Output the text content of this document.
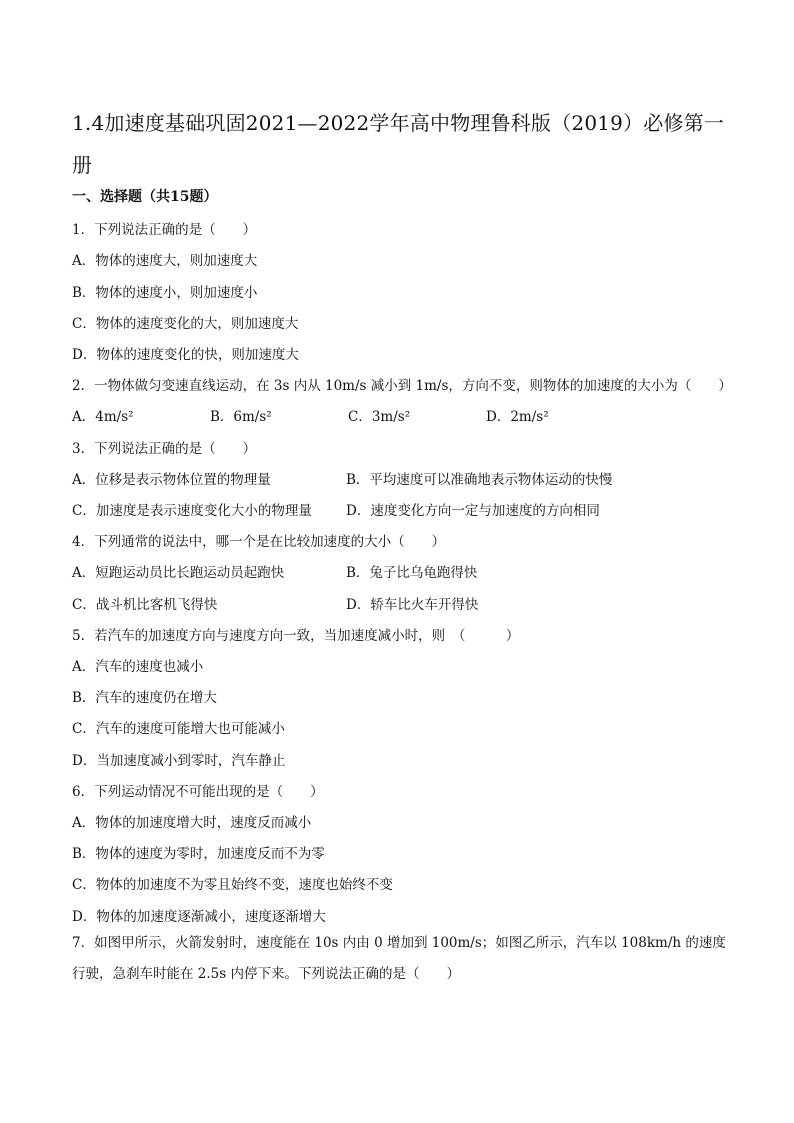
1.4加速度基础巩固2021—2022学年高中物理鲁科版（2019）必修第一册
一、选择题（共15题）
1．下列说法正确的是（　　）
A．物体的速度大，则加速度大
B．物体的速度小，则加速度小
C．物体的速度变化的大，则加速度大
D．物体的速度变化的快，则加速度大
2．一物体做匀变速直线运动，在 3s 内从 10m/s 减小到 1m/s，方向不变，则物体的加速度的大小为（　　）
A．4m/s²	B．6m/s²	C．3m/s²	D．2m/s²
3．下列说法正确的是（　　）
A．位移是表示物体位置的物理量	B．平均速度可以准确地表示物体运动的快慢
C．加速度是表示速度变化大小的物理量	D．速度变化方向一定与加速度的方向相同
4．下列通常的说法中，哪一个是在比较加速度的大小（　　）
A．短跑运动员比长跑运动员起跑快	B．兔子比乌龟跑得快
C．战斗机比客机飞得快	D．轿车比火车开得快
5．若汽车的加速度方向与速度方向一致，当加速度减小时，则　（　　　）
A．汽车的速度也减小
B．汽车的速度仍在增大
C．汽车的速度可能增大也可能减小
D．当加速度减小到零时，汽车静止
6．下列运动情况不可能出现的是（　　）
A．物体的加速度增大时，速度反而减小
B．物体的速度为零时，加速度反而不为零
C．物体的加速度不为零且始终不变，速度也始终不变
D．物体的加速度逐渐减小，速度逐渐增大
7．如图甲所示，火箭发射时，速度能在 10s 内由 0 增加到 100m/s；如图乙所示，汽车以 108km/h 的速度行驶，急刹车时能在 2.5s 内停下来。下列说法正确的是（　　）
